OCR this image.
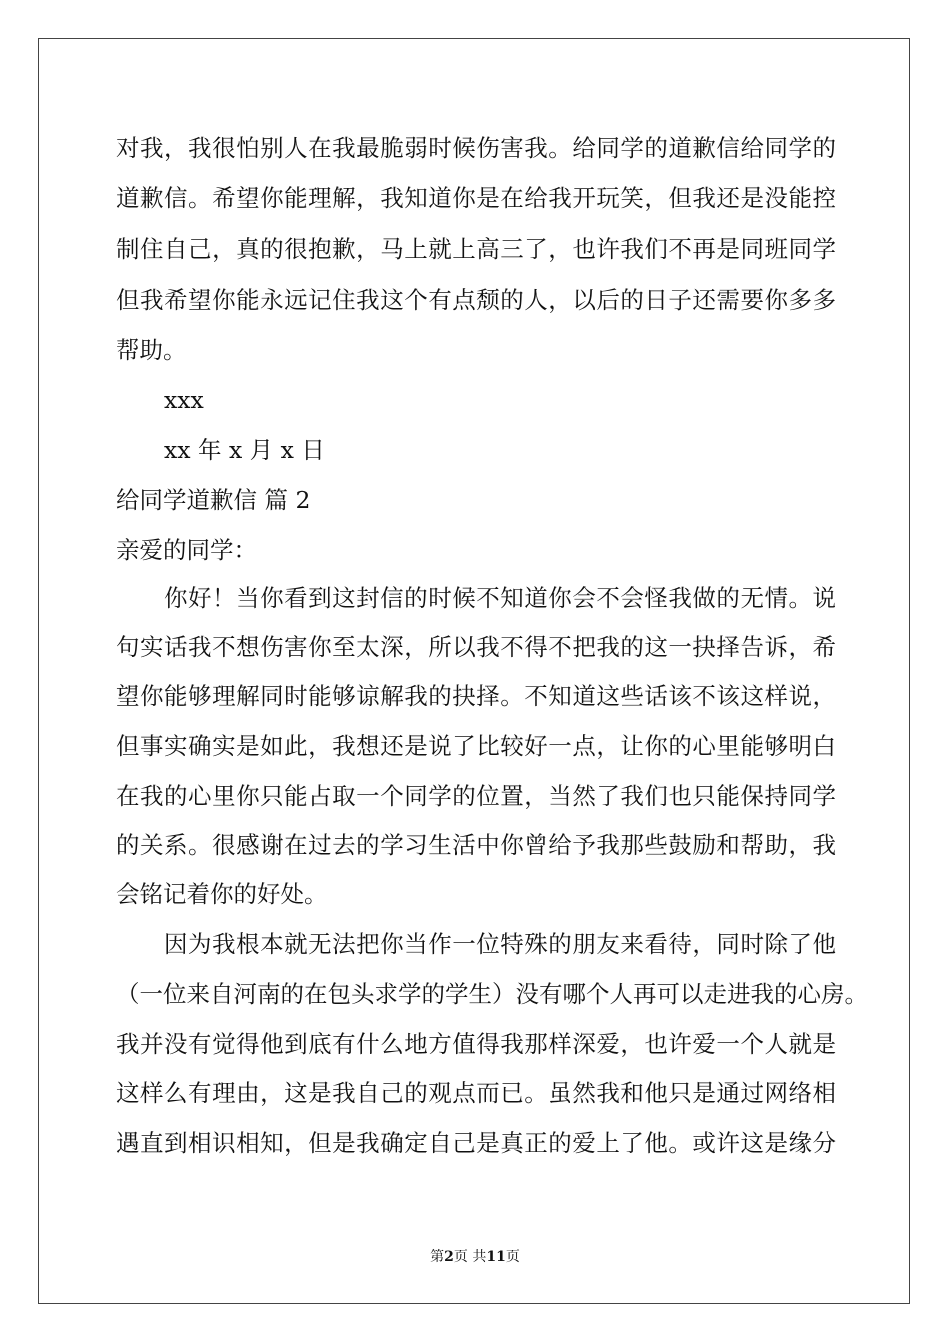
对我，我很怕别人在我最脆弱时候伤害我。给同学的道歉信给同学的
道歉信。希望你能理解，我知道你是在给我开玩笑，但我还是没能控
制住自己，真的很抱歉，马上就上高三了，也许我们不再是同班同学
但我希望你能永远记住我这个有点颓的人，以后的日子还需要你多多
帮助。
xxx
xx 年 x 月 x 日
给同学道歉信 篇 2
亲爱的同学：
你好！当你看到这封信的时候不知道你会不会怪我做的无情。说
句实话我不想伤害你至太深，所以我不得不把我的这一抉择告诉，希
望你能够理解同时能够谅解我的抉择。不知道这些话该不该这样说，
但事实确实是如此，我想还是说了比较好一点，让你的心里能够明白
在我的心里你只能占取一个同学的位置，当然了我们也只能保持同学
的关系。很感谢在过去的学习生活中你曾给予我那些鼓励和帮助，我
会铭记着你的好处。
因为我根本就无法把你当作一位特殊的朋友来看待，同时除了他
（一位来自河南的在包头求学的学生）没有哪个人再可以走进我的心房。
我并没有觉得他到底有什么地方值得我那样深爱，也许爱一个人就是
这样么有理由，这是我自己的观点而已。虽然我和他只是通过网络相
遇直到相识相知，但是我确定自己是真正的爱上了他。或许这是缘分
第2页 共11页
